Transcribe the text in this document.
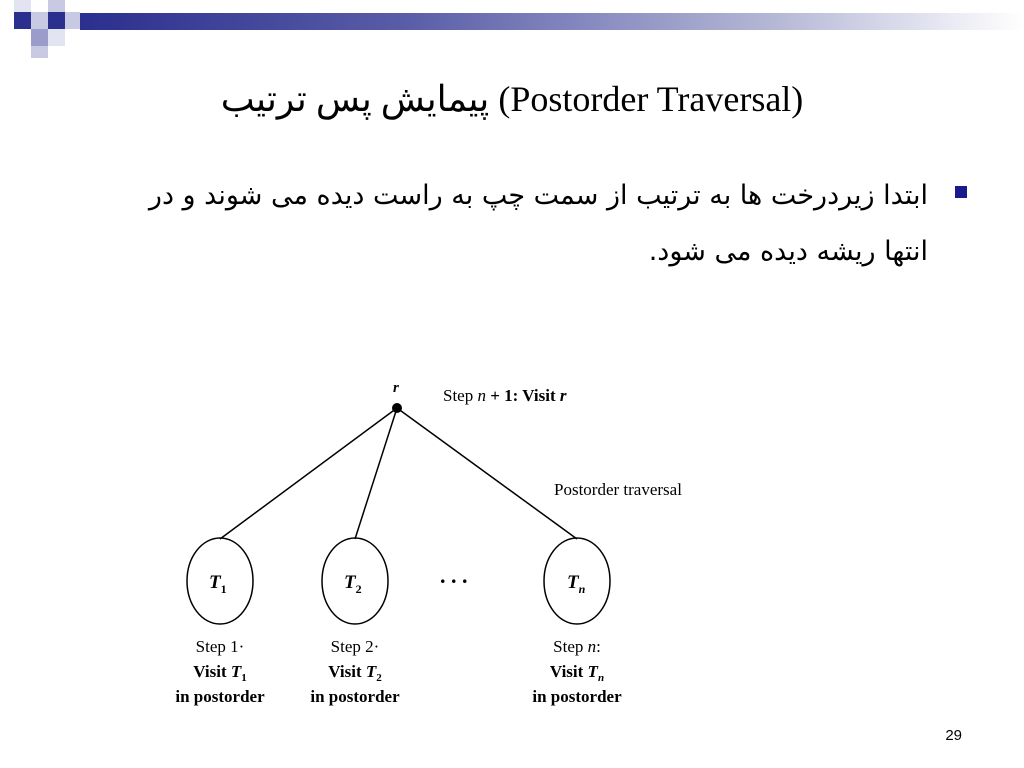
پیمایش پس ترتیب (Postorder Traversal)
ابتدا زیردرخت ها به ترتیب از سمت چپ به راست دیده می شوند و در انتها ریشه دیده می شود.
r	Step n + 1: Visit r
Postorder traversal
$T_1$	$T_2$	$T_n$
. . .
Step 1·
Visit $T_1$
in postorder
Step 2·
Visit $T_2$
in postorder
Step n:
Visit $T_n$
in postorder
29
